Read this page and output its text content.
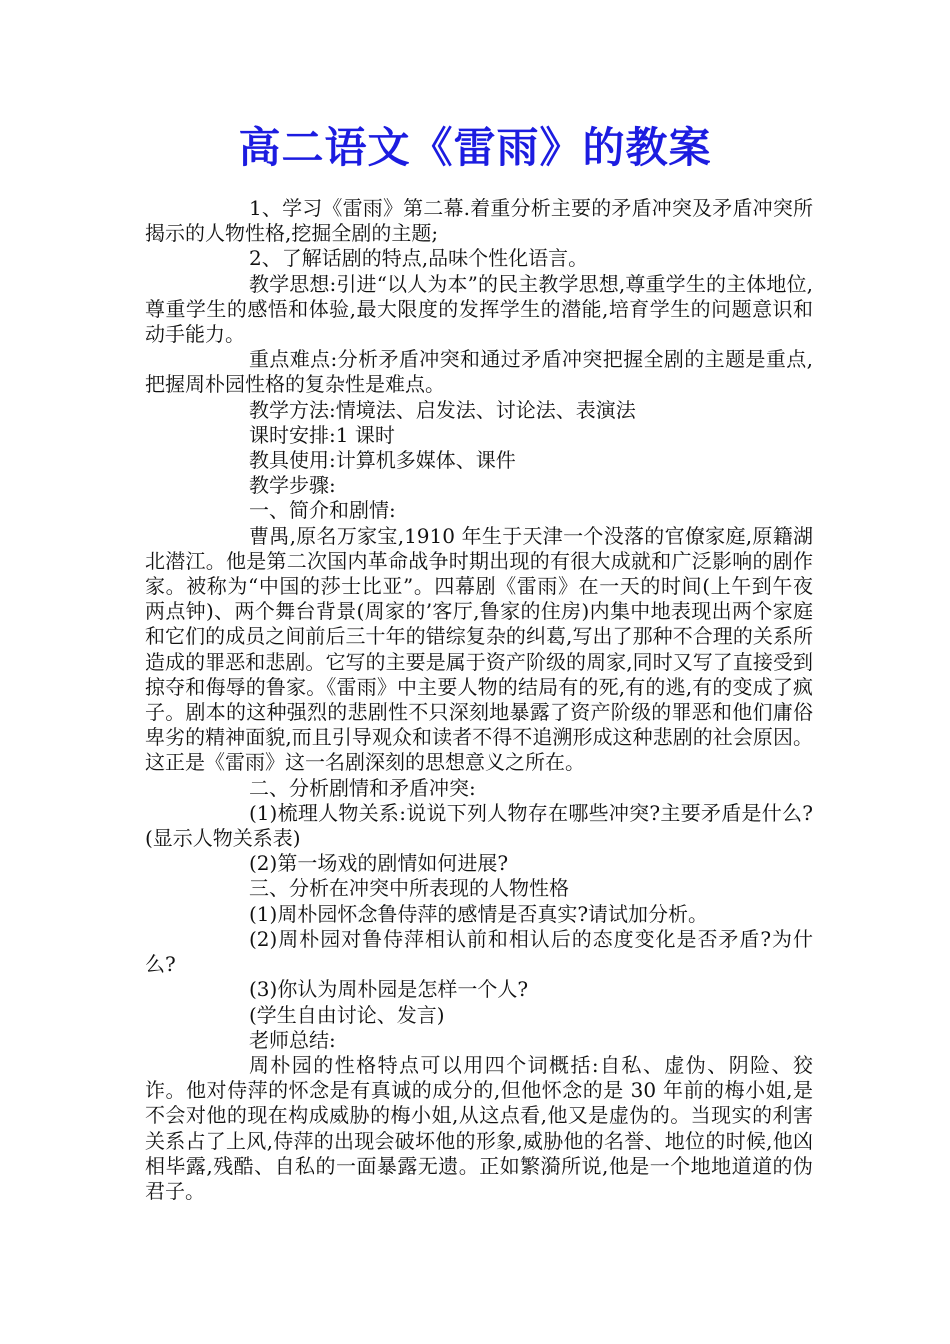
高二语文《雷雨》的教案

1、学习《雷雨》第二幕.着重分析主要的矛盾冲突及矛盾冲突所揭示的人物性格,挖掘全剧的主题;

2、了解话剧的特点,品味个性化语言。

教学思想:引进“以人为本”的民主教学思想,尊重学生的主体地位,尊重学生的感悟和体验,最大限度的发挥学生的潜能,培育学生的问题意识和动手能力。

重点难点:分析矛盾冲突和通过矛盾冲突把握全剧的主题是重点,把握周朴园性格的复杂性是难点。

教学方法:情境法、启发法、讨论法、表演法

课时安排:1 课时

教具使用:计算机多媒体、课件

教学步骤:

一、简介和剧情:

曹禺,原名万家宝,1910 年生于天津一个没落的官僚家庭,原籍湖北潜江。他是第二次国内革命战争时期出现的有很大成就和广泛影响的剧作家。被称为“中国的莎士比亚”。四幕剧《雷雨》在一天的时间(上午到午夜两点钟)、两个舞台背景(周家的’客厅,鲁家的住房)内集中地表现出两个家庭和它们的成员之间前后三十年的错综复杂的纠葛,写出了那种不合理的关系所造成的罪恶和悲剧。它写的主要是属于资产阶级的周家,同时又写了直接受到掠夺和侮辱的鲁家。《雷雨》中主要人物的结局有的死,有的逃,有的变成了疯子。剧本的这种强烈的悲剧性不只深刻地暴露了资产阶级的罪恶和他们庸俗卑劣的精神面貌,而且引导观众和读者不得不追溯形成这种悲剧的社会原因。这正是《雷雨》这一名剧深刻的思想意义之所在。

二、分析剧情和矛盾冲突:

(1)梳理人物关系:说说下列人物存在哪些冲突?主要矛盾是什么?(显示人物关系表)

(2)第一场戏的剧情如何进展?

三、分析在冲突中所表现的人物性格

(1)周朴园怀念鲁侍萍的感情是否真实?请试加分析。

(2)周朴园对鲁侍萍相认前和相认后的态度变化是否矛盾?为什么?

(3)你认为周朴园是怎样一个人?

(学生自由讨论、发言)

老师总结:

周朴园的性格特点可以用四个词概括:自私、虚伪、阴险、狡诈。他对侍萍的怀念是有真诚的成分的,但他怀念的是 30 年前的梅小姐,是不会对他的现在构成威胁的梅小姐,从这点看,他又是虚伪的。当现实的利害关系占了上风,侍萍的出现会破坏他的形象,威胁他的名誉、地位的时候,他凶相毕露,残酷、自私的一面暴露无遗。正如繁漪所说,他是一个地地道道的伪君子。
